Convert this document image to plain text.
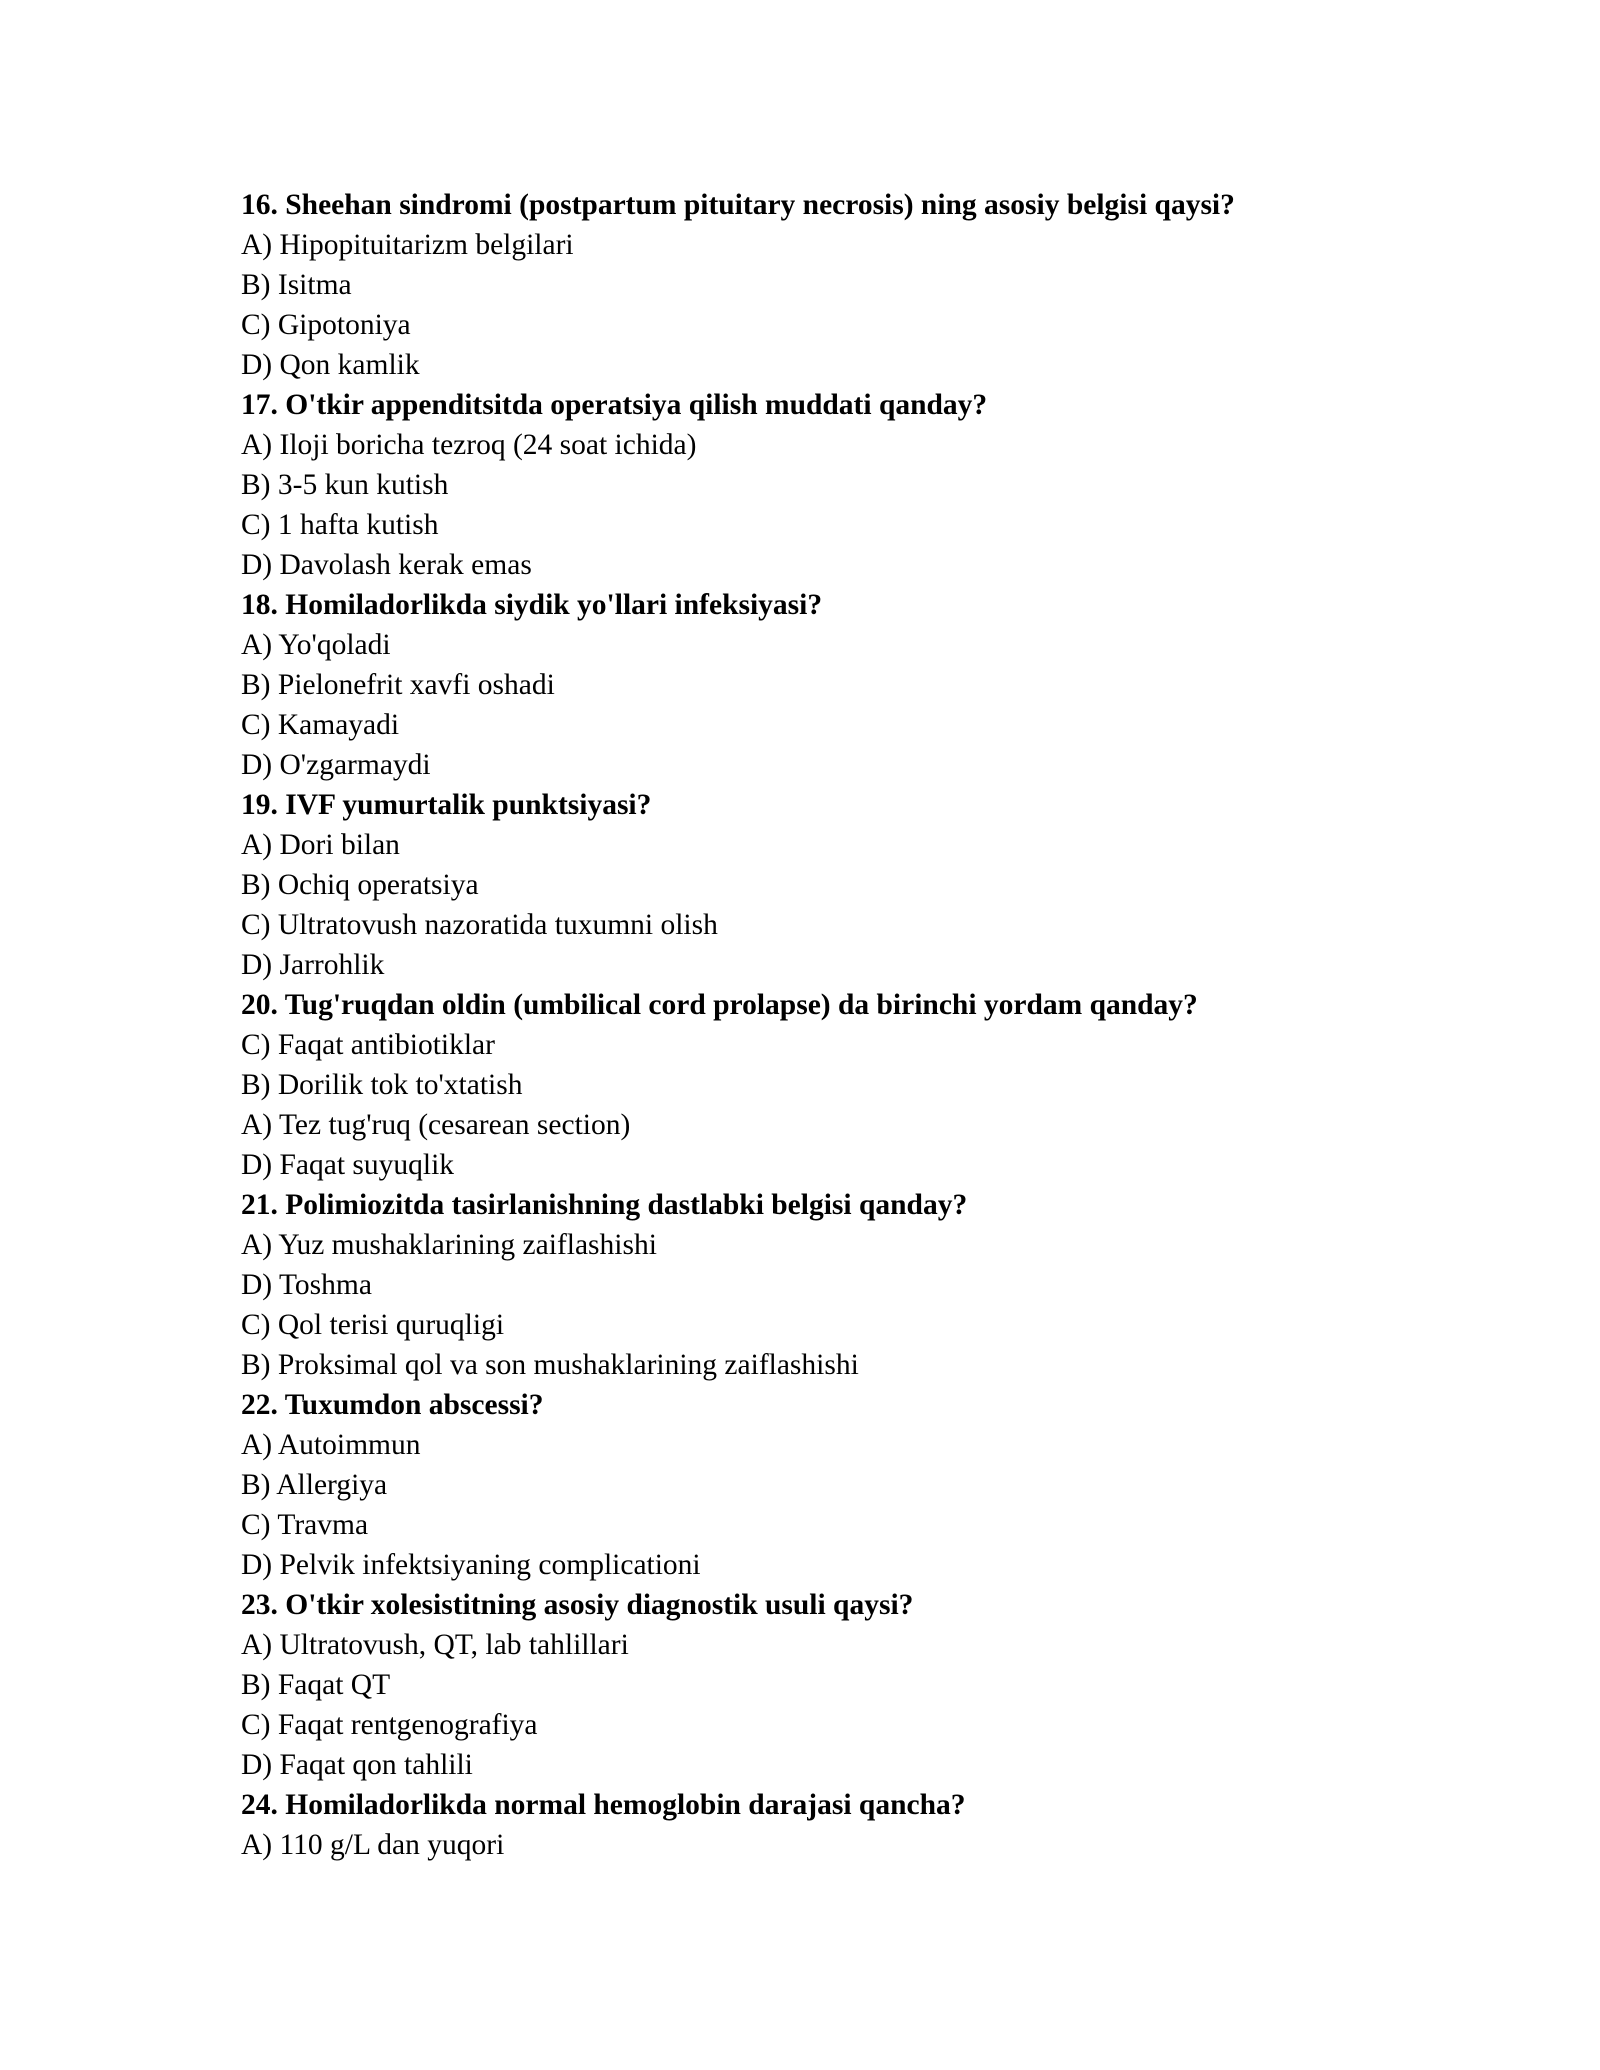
16. Sheehan sindromi (postpartum pituitary necrosis) ning asosiy belgisi qaysi?
A) Hipopituitarizm belgilari
B) Isitma
C) Gipotoniya
D) Qon kamlik
17. O'tkir appenditsitda operatsiya qilish muddati qanday?
A) Iloji boricha tezroq (24 soat ichida)
B) 3-5 kun kutish
C) 1 hafta kutish
D) Davolash kerak emas
18. Homiladorlikda siydik yo'llari infeksiyasi?
A) Yo'qoladi
B) Pielonefrit xavfi oshadi
C) Kamayadi
D) O'zgarmaydi
19. IVF yumurtalik punktsiyasi?
A) Dori bilan
B) Ochiq operatsiya
C) Ultratovush nazoratida tuxumni olish
D) Jarrohlik
20. Tug'ruqdan oldin (umbilical cord prolapse) da birinchi yordam qanday?
C) Faqat antibiotiklar
B) Dorilik tok to'xtatish
A) Tez tug'ruq (cesarean section)
D) Faqat suyuqlik
21. Polimiozitda tasirlanishning dastlabki belgisi qanday?
A) Yuz mushaklarining zaiflashishi
D) Toshma
C) Qol terisi quruqligi
B) Proksimal qol va son mushaklarining zaiflashishi
22. Tuxumdon abscessi?
A) Autoimmun
B) Allergiya
C) Travma
D) Pelvik infektsiyaning complicationi
23. O'tkir xolesistitning asosiy diagnostik usuli qaysi?
A) Ultratovush, QT, lab tahlillari
B) Faqat QT
C) Faqat rentgenografiya
D) Faqat qon tahlili
24. Homiladorlikda normal hemoglobin darajasi qancha?
A) 110 g/L dan yuqori
